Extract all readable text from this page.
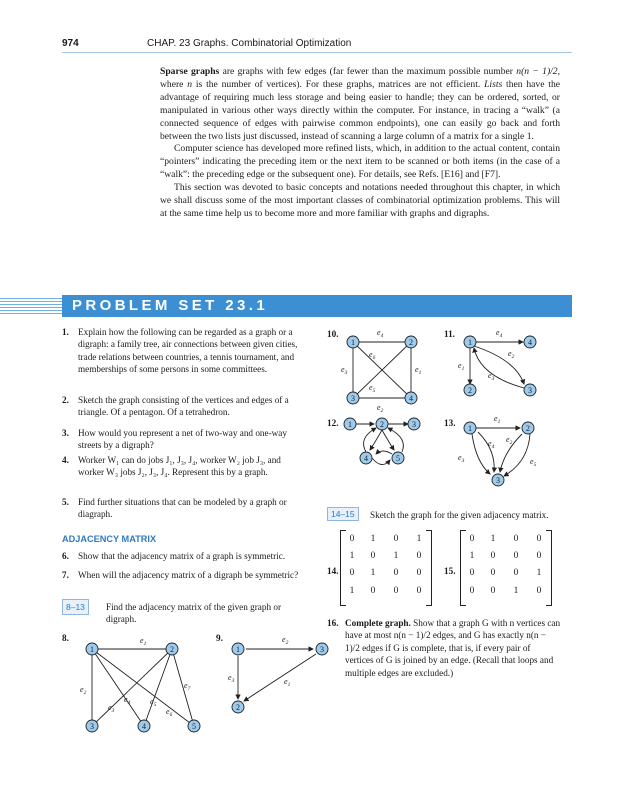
974	CHAP. 23 Graphs. Combinatorial Optimization

Sparse graphs are graphs with few edges (far fewer than the maximum possible number n(n − 1)/2, where n is the number of vertices). For these graphs, matrices are not efficient. Lists then have the advantage of requiring much less storage and being easier to handle; they can be ordered, sorted, or manipulated in various other ways directly within the computer. For instance, in tracing a “walk” (a connected sequence of edges with pairwise common endpoints), one can easily go back and forth between the two lists just discussed, instead of scanning a large column of a matrix for a single 1.

Computer science has developed more refined lists, which, in addition to the actual content, contain “pointers” indicating the preceding item or the next item to be scanned or both items (in the case of a “walk”: the preceding edge or the subsequent one). For details, see Refs. [E16] and [F7].

This section was devoted to basic concepts and notations needed throughout this chapter, in which we shall discuss some of the most important classes of combinatorial optimization problems. This will at the same time help us to become more and more familiar with graphs and digraphs.

PROBLEM SET 23.1
1. Explain how the following can be regarded as a graph or a digraph: a family tree, air connections between given cities, trade relations between countries, a tennis tournament, and memberships of some persons in some committees.
2. Sketch the graph consisting of the vertices and edges of a triangle. Of a pentagon. Of a tetrahedron.
3. How would you represent a net of two-way and one-way streets by a digraph?
4. Worker W₁ can do jobs J₁, J₃, J₄, worker W₂ job J₃, and worker W₃ jobs J₂, J₃, J₄. Represent this by a graph.
5. Find further situations that can be modeled by a graph or diagraph.
ADJACENCY MATRIX
6. Show that the adjacency matrix of a graph is symmetric.
7. When will the adjacency matrix of a digraph be symmetric?
8–13	Find the adjacency matrix of the given graph or digraph.
8.	$e_1$
$e_2$
$e_3$
$e_4$ $e_5$
$e_6$
$e_7$
1	2
3	4	5
9.	$e_2$
$e_3$	$e_1$
1	3
2
10.	$e_4$
$e_3$	$e_1$
$e_2$
$e_6$
$e_5$
1	2
3	4
11.	$e_4$
$e_1$
$e_2$
$e_3$
1	4
2	3
12. 1	2	3
4	5
13.	$e_1$
$e_2$
$e_4$
$e_3$	$e_5$
1	2
3
14–15	Sketch the graph for the given adjacency matrix.
14.
0	1	0	1
1	0	1	0
0	1	0	0
1	0	0	0
15.
0	1	0	0
1	0	0	0
0	0	0	1
0	0	1	0
16. Complete graph. Show that a graph G with n vertices can have at most n(n − 1)/2 edges, and G has exactly n(n − 1)/2 edges if G is complete, that is, if every pair of vertices of G is joined by an edge. (Recall that loops and multiple edges are excluded.)
